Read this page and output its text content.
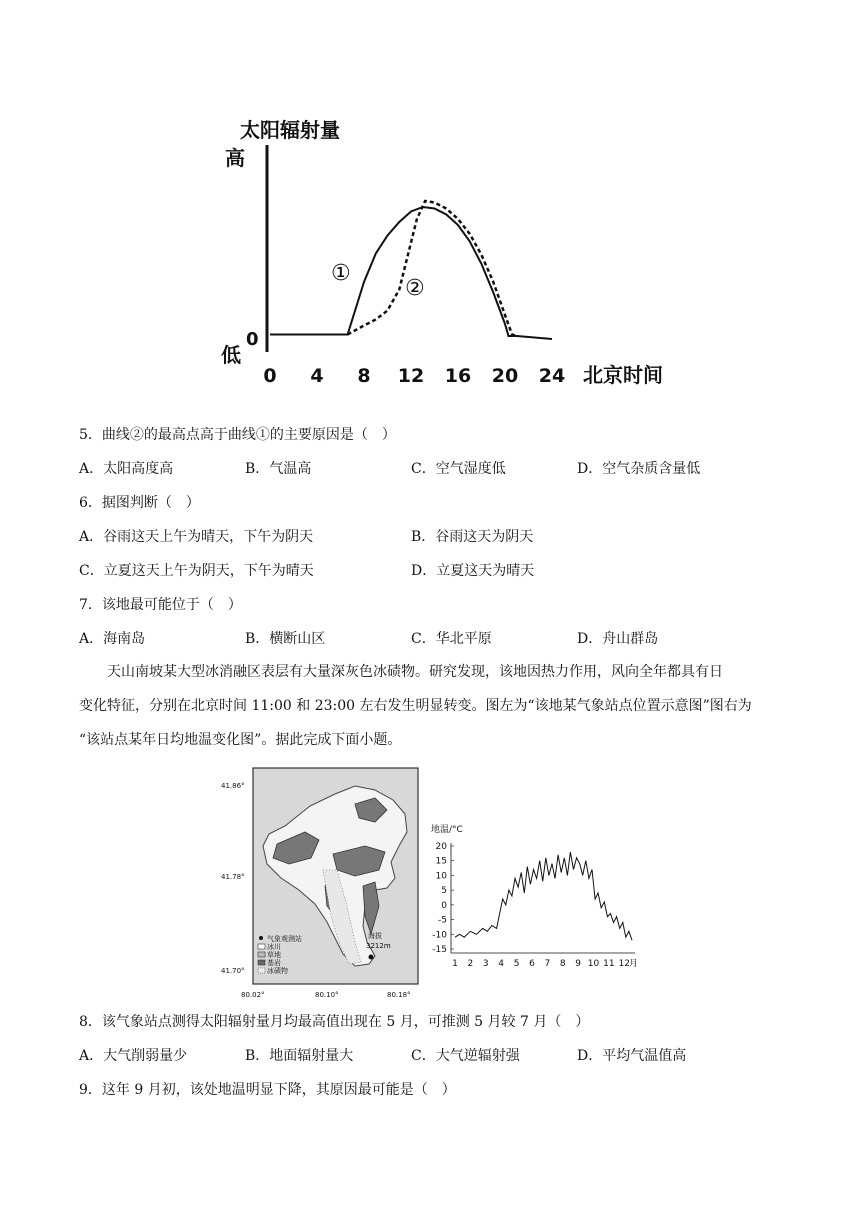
太阳辐射量
高
0
低
0 4 8 12 16 20 24 北京时间
①
②
5．曲线②的最高点高于曲线①的主要原因是（　）
A．太阳高度高	B．气温高	C．空气湿度低	D．空气杂质含量低
6．据图判断（　）
A．谷雨这天上午为晴天，下午为阴天	B．谷雨这天为阴天
C．立夏这天上午为阴天，下午为晴天	D．立夏这天为晴天
7．该地最可能位于（　）
A．海南岛	B．横断山区	C．华北平原	D．舟山群岛
天山南坡某大型冰消融区表层有大量深灰色冰碛物。研究发现，该地因热力作用，风向全年都具有日
变化特征，分别在北京时间 11:00 和 23:00 左右发生明显转变。图左为“该地某气象站点位置示意图”图右为
“该站点某年日均地温变化图”。据此完成下面小题。
海拔
3212m
气象观测站
冰川
草地
基岩
冰碛物
41.86°
41.78°
41.70°
80.02°	80.10°	80.18°
地温/°C
20
15
10
5
0
-5
-10
-15
1 2 3 4 5 6 7 8 9 10 11 12
月
8．该气象站点测得太阳辐射量月均最高值出现在 5 月，可推测 5 月较 7 月（　）
A．大气削弱量少	B．地面辐射量大	C．大气逆辐射强	D．平均气温值高
9．这年 9 月初，该处地温明显下降，其原因最可能是（　）
